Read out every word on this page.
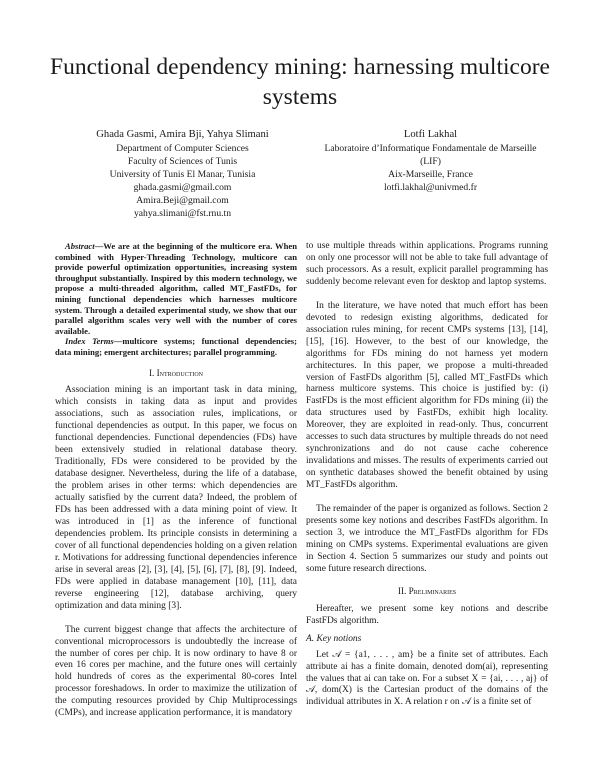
Functional dependency mining: harnessing multicore systems
Ghada Gasmi, Amira Bji, Yahya Slimani
Department of Computer Sciences
Faculty of Sciences of Tunis
University of Tunis El Manar, Tunisia
ghada.gasmi@gmail.com
Amira.Beji@gmail.com
yahya.slimani@fst.rnu.tn
Lotfi Lakhal
Laboratoire d’Informatique Fondamentale de Marseille (LIF)
Aix-Marseille, France
lotfi.lakhal@univmed.fr

Abstract—We are at the beginning of the multicore era. When combined with Hyper-Threading Technology, multicore can provide powerful optimization opportunities, increasing system throughput substantially. Inspired by this modern technology, we propose a multi-threaded algorithm, called MT_FastFDs, for mining functional dependencies which harnesses multicore system. Through a detailed experimental study, we show that our parallel algorithm scales very well with the number of cores available.

Index Terms—multicore systems; functional dependencies; data mining; emergent architectures; parallel programming.

I. Introduction

Association mining is an important task in data mining, which consists in taking data as input and provides associations, such as association rules, implications, or functional dependencies as output. In this paper, we focus on functional dependencies. Functional dependencies (FDs) have been extensively studied in relational database theory. Traditionally, FDs were considered to be provided by the database designer. Nevertheless, during the life of a database, the problem arises in other terms: which dependencies are actually satisfied by the current data? Indeed, the problem of FDs has been addressed with a data mining point of view. It was introduced in [1] as the inference of functional dependencies problem. Its principle consists in determining a cover of all functional dependencies holding on a given relation r. Motivations for addressing functional dependencies inference arise in several areas [2], [3], [4], [5], [6], [7], [8], [9]. Indeed, FDs were applied in database management [10], [11], data reverse engineering [12], database archiving, query optimization and data mining [3].

The current biggest change that affects the architecture of conventional microprocessors is undoubtedly the increase of the number of cores per chip. It is now ordinary to have 8 or even 16 cores per machine, and the future ones will certainly hold hundreds of cores as the experimental 80-cores Intel processor foreshadows. In order to maximize the utilization of the computing resources provided by Chip Multiprocessings (CMPs), and increase application performance, it is mandatory

to use multiple threads within applications. Programs running on only one processor will not be able to take full advantage of such processors. As a result, explicit parallel programming has suddenly become relevant even for desktop and laptop systems.

In the literature, we have noted that much effort has been devoted to redesign existing algorithms, dedicated for association rules mining, for recent CMPs systems [13], [14], [15], [16]. However, to the best of our knowledge, the algorithms for FDs mining do not harness yet modern architectures. In this paper, we propose a multi-threaded version of FastFDs algorithm [5], called MT_FastFDs which harness multicore systems. This choice is justified by: (i) FastFDs is the most efficient algorithm for FDs mining (ii) the data structures used by FastFDs, exhibit high locality. Moreover, they are exploited in read-only. Thus, concurrent accesses to such data structures by multiple threads do not need synchronizations and do not cause cache coherence invalidations and misses. The results of experiments carried out on synthetic databases showed the benefit obtained by using MT_FastFDs algorithm.

The remainder of the paper is organized as follows. Section 2 presents some key notions and describes FastFDs algorithm. In section 3, we introduce the MT_FastFDs algorithm for FDs mining on CMPs systems. Experimental evaluations are given in Section 4. Section 5 summarizes our study and points out some future research directions.

II. Preliminaries

Hereafter, we present some key notions and describe FastFDs algorithm.

A. Key notions

Let 𝒜 = {a1, . . . , am} be a finite set of attributes. Each attribute ai has a finite domain, denoted dom(ai), representing the values that ai can take on. For a subset X = {ai, . . . , aj} of 𝒜, dom(X) is the Cartesian product of the domains of the individual attributes in X. A relation r on 𝒜 is a finite set of
